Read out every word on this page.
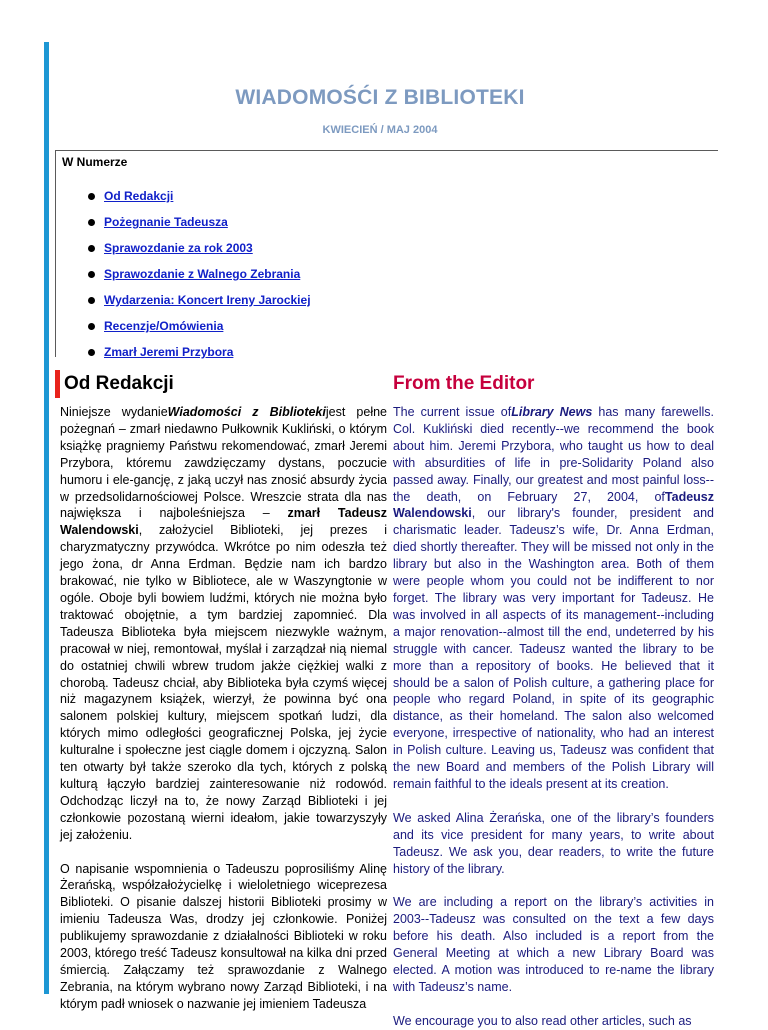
WIADOMOŚĆI Z BIBLIOTEKI
KWIECIEŃ / MAJ 2004
W Numerze
Od Redakcji
Pożegnanie Tadeusza
Sprawozdanie za rok 2003
Sprawozdanie z Walnego Zebrania
Wydarzenia: Koncert Ireny Jarockiej
Recenzje/Omówienia
Zmarł Jeremi Przybora
Od Redakcji	From the Editor

Niniejsze wydanieWiadomości z Bibliotekijest pełne pożegnań – zmarł niedawno Pułkownik Kukliński, o którym książkę pragniemy Państwu rekomendować, zmarł Jeremi Przybora, któremu zawdzięczamy dystans, poczucie humoru i ele-gancję, z jaką uczył nas znosić absurdy życia w przedsolidarnościowej Polsce. Wreszcie strata dla nas największa i najboleśniejsza – zmarł Tadeusz Walendowski, założyciel Biblioteki, jej prezes i charyzmatyczny przywódca. Wkrótce po nim odeszła też jego żona, dr Anna Erdman. Będzie nam ich bardzo brakować, nie tylko w Bibliotece, ale w Waszyngtonie w ogóle. Oboje byli bowiem ludźmi, których nie można było traktować obojętnie, a tym bardziej zapomnieć. Dla Tadeusza Biblioteka była miejscem niezwykle ważnym, pracował w niej, remontował, myślał i zarządzał nią niemal do ostatniej chwili wbrew trudom jakże ciężkiej walki z chorobą. Tadeusz chciał, aby Biblioteka była czymś więcej niż magazynem książek, wierzył, że powinna być ona salonem polskiej kultury, miejscem spotkań ludzi, dla których mimo odległości geograficznej Polska, jej życie kulturalne i społeczne jest ciągle domem i ojczyzną. Salon ten otwarty był także szeroko dla tych, których z polską kulturą łączyło bardziej zainteresowanie niż rodowód. Odchodząc liczył na to, że nowy Zarząd Biblioteki i jej członkowie pozostaną wierni ideałom, jakie towarzyszyły jej założeniu.

O napisanie wspomnienia o Tadeuszu poprosiliśmy Alinę Żerańską, współzałożycielkę i wieloletniego wiceprezesa Biblioteki. O pisanie dalszej historii Biblioteki prosimy w imieniu Tadeusza Was, drodzy jej członkowie. Poniżej publikujemy sprawozdanie z działalności Biblioteki w roku 2003, którego treść Tadeusz konsultował na kilka dni przed śmiercią. Załączamy też sprawozdanie z Walnego Zebrania, na którym wybrano nowy Zarząd Biblioteki, i na którym padł wniosek o nazwanie jej imieniem Tadeusza

The current issue ofLibrary News has many farewells. Col. Kukliński died recently--we recommend the book about him. Jeremi Przybora, who taught us how to deal with absurdities of life in pre-Solidarity Poland also passed away. Finally, our greatest and most painful loss--the death, on February 27, 2004, ofTadeusz Walendowski, our library's founder, president and charismatic leader. Tadeusz’s wife, Dr. Anna Erdman, died shortly thereafter. They will be missed not only in the library but also in the Washington area. Both of them were people whom you could not be indifferent to nor forget. The library was very important for Tadeusz. He was involved in all aspects of its management--including a major renovation--almost till the end, undeterred by his struggle with cancer. Tadeusz wanted the library to be more than a repository of books. He believed that it should be a salon of Polish culture, a gathering place for people who regard Poland, in spite of its geographic distance, as their homeland. The salon also welcomed everyone, irrespective of nationality, who had an interest in Polish culture. Leaving us, Tadeusz was confident that the new Board and members of the Polish Library will remain faithful to the ideals present at its creation.

We asked Alina Żerańska, one of the library’s founders and its vice president for many years, to write about Tadeusz. We ask you, dear readers, to write the future history of the library.

We are including a report on the library’s activities in 2003--Tadeusz was consulted on the text a few days before his death. Also included is a report from the General Meeting at which a new Library Board was elected. A motion was introduced to re-name the library with Tadeusz’s name.

We encourage you to also read other articles, such as
